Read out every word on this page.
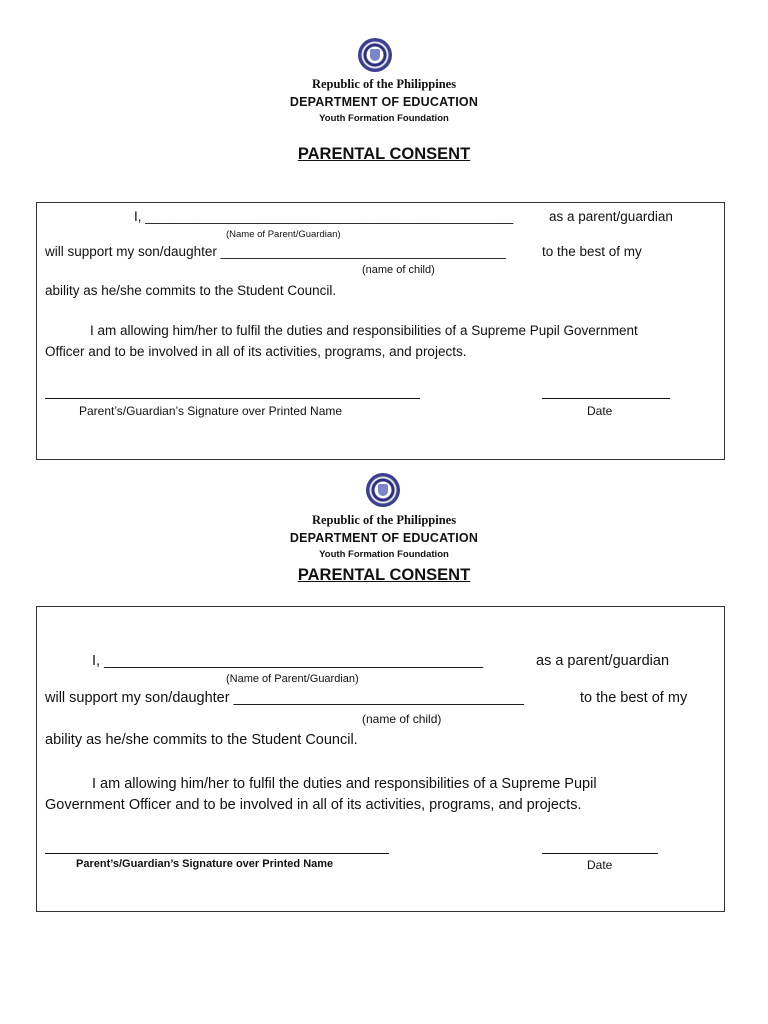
Republic of the Philippines
DEPARTMENT OF EDUCATION
Youth Formation Foundation
PARENTAL CONSENT
I, _________________________________________________	as a parent/guardian
(Name of Parent/Guardian)
will support my son/daughter ______________________________________	to the best of my
(name of child)
ability as he/she commits to the Student Council.
I am allowing him/her to fulfil the duties and responsibilities of a Supreme Pupil Government
Officer and to be involved in all of its activities, programs, and projects.
Parent’s/Guardian’s Signature over Printed Name	Date
Republic of the Philippines
DEPARTMENT OF EDUCATION
Youth Formation Foundation
PARENTAL CONSENT
I, _______________________________________________	as a parent/guardian
(Name of Parent/Guardian)
will support my son/daughter ____________________________________	to the best of my
(name of child)
ability as he/she commits to the Student Council.
I am allowing him/her to fulfil the duties and responsibilities of a Supreme Pupil
Government Officer and to be involved in all of its activities, programs, and projects.
Parent’s/Guardian’s Signature over Printed Name	Date
